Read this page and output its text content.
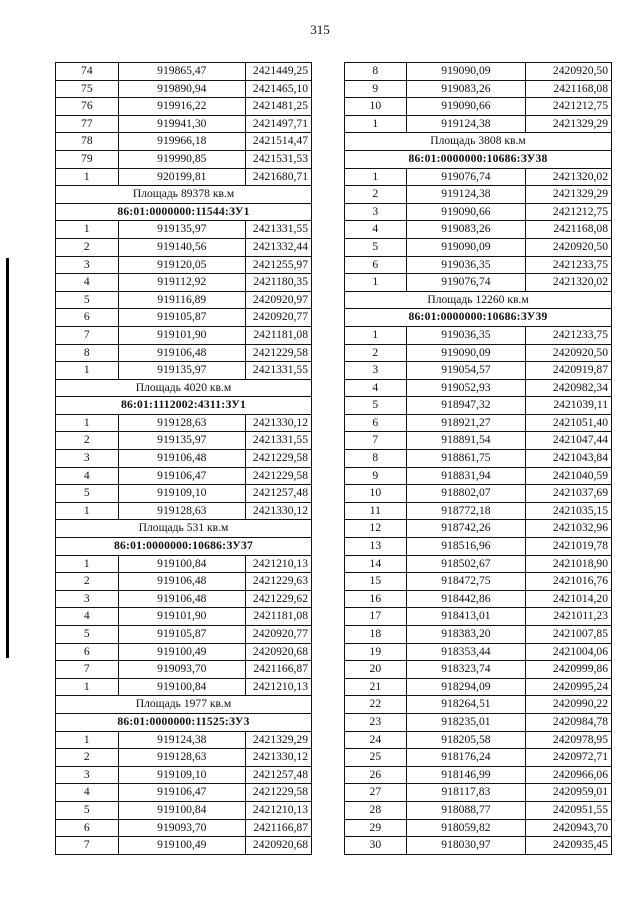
315
74	919865,47	2421449,25
75	919890,94	2421465,10
76	919916,22	2421481,25
77	919941,30	2421497,71
78	919966,18	2421514,47
79	919990,85	2421531,53
1	920199,81	2421680,71
Площадь 89378 кв.м		
86:01:0000000:11544:ЗУ1		
1	919135,97	2421331,55
2	919140,56	2421332,44
3	919120,05	2421255,97
4	919112,92	2421180,35
5	919116,89	2420920,97
6	919105,87	2420920,77
7	919101,90	2421181,08
8	919106,48	2421229,58
1	919135,97	2421331,55
Площадь 4020 кв.м		
86:01:1112002:4311:ЗУ1		
1	919128,63	2421330,12
2	919135,97	2421331,55
3	919106,48	2421229,58
4	919106,47	2421229,58
5	919109,10	2421257,48
1	919128,63	2421330,12
Площадь 531 кв.м		
86:01:0000000:10686:ЗУ37		
1	919100,84	2421210,13
2	919106,48	2421229,63
3	919106,48	2421229,62
4	919101,90	2421181,08
5	919105,87	2420920,77
6	919100,49	2420920,68
7	919093,70	2421166,87
1	919100,84	2421210,13
Площадь 1977 кв.м		
86:01:0000000:11525:ЗУ3		
1	919124,38	2421329,29
2	919128,63	2421330,12
3	919109,10	2421257,48
4	919106,47	2421229,58
5	919100,84	2421210,13
6	919093,70	2421166,87
7	919100,49	2420920,68
8	919090,09	2420920,50
9	919083,26	2421168,08
10	919090,66	2421212,75
1	919124,38	2421329,29
Площадь 3808 кв.м		
86:01:0000000:10686:ЗУ38		
1	919076,74	2421320,02
2	919124,38	2421329,29
3	919090,66	2421212,75
4	919083,26	2421168,08
5	919090,09	2420920,50
6	919036,35	2421233,75
1	919076,74	2421320,02
Площадь 12260 кв.м		
86:01:0000000:10686:ЗУ39		
1	919036,35	2421233,75
2	919090,09	2420920,50
3	919054,57	2420919,87
4	919052,93	2420982,34
5	918947,32	2421039,11
6	918921,27	2421051,40
7	918891,54	2421047,44
8	918861,75	2421043,84
9	918831,94	2421040,59
10	918802,07	2421037,69
11	918772,18	2421035,15
12	918742,26	2421032,96
13	918516,96	2421019,78
14	918502,67	2421018,90
15	918472,75	2421016,76
16	918442,86	2421014,20
17	918413,01	2421011,23
18	918383,20	2421007,85
19	918353,44	2421004,06
20	918323,74	2420999,86
21	918294,09	2420995,24
22	918264,51	2420990,22
23	918235,01	2420984,78
24	918205,58	2420978,95
25	918176,24	2420972,71
26	918146,99	2420966,06
27	918117,83	2420959,01
28	918088,77	2420951,55
29	918059,82	2420943,70
30	918030,97	2420935,45
